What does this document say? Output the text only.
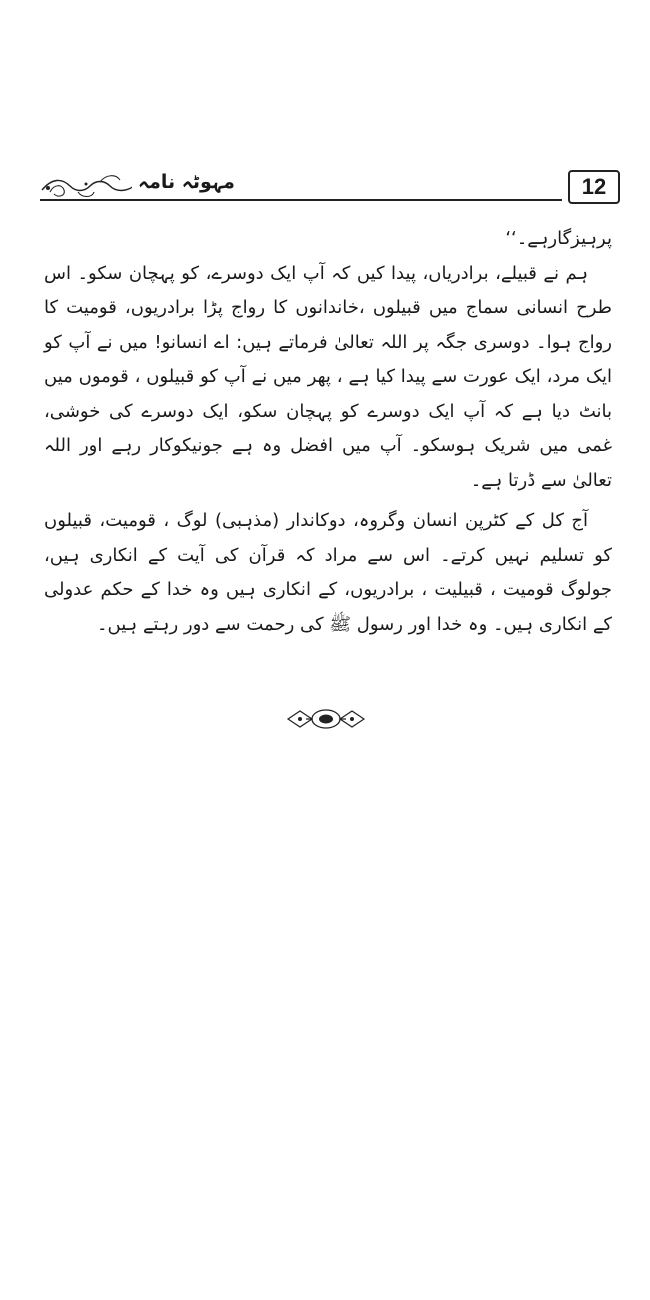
مہوٹہ نامہ	12

پرہیزگارہے۔‘‘

ہم نے قبیلے، برادریاں، پیدا کیں کہ آپ ایک دوسرے، کو پہچان سکو۔ اس طرح انسانی سماج میں قبیلوں ،خاندانوں کا رواج پڑا برادریوں، قومیت کا رواج ہوا۔ دوسری جگہ پر اللہ تعالیٰ فرماتے ہیں: اے انسانو! میں نے آپ کو ایک مرد، ایک عورت سے پیدا کیا ہے ، پھر میں نے آپ کو قبیلوں ، قوموں میں بانٹ دیا ہے کہ آپ ایک دوسرے کو پہچان سکو، ایک دوسرے کی خوشی، غمی میں شریک ہوسکو۔ آپ میں افضل وہ ہے جونیکوکار رہے اور اللہ تعالیٰ سے ڈرتا ہے۔

آج کل کے کٹرپن انسان وگروہ، دوکاندار (مذہبی) لوگ ، قومیت، قبیلوں کو تسلیم نہیں کرتے۔ اس سے مراد کہ قرآن کی آیت کے انکاری ہیں، جولوگ قومیت ، قبیلیت ، برادریوں، کے انکاری ہیں وہ خدا کے حکم عدولی کے انکاری ہیں۔ وہ خدا اور رسول ﷺ کی رحمت سے دور رہتے ہیں۔
